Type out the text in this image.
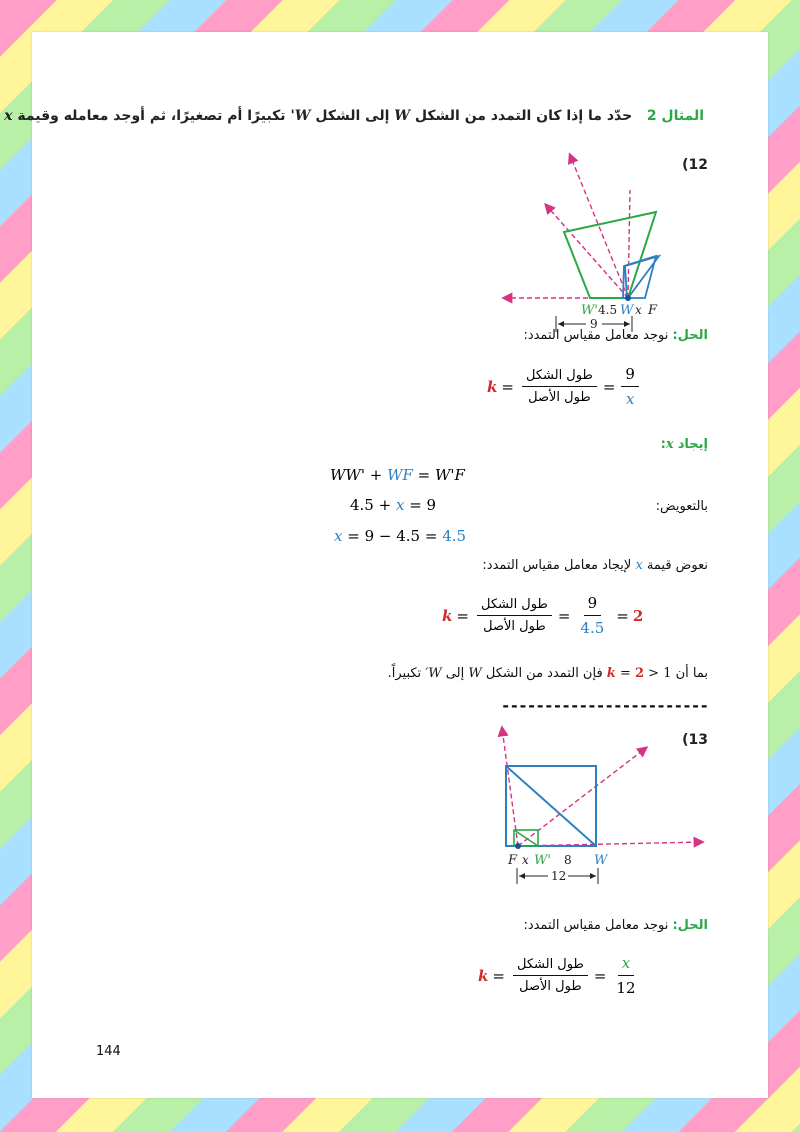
المثال 2   حدّد ما إذا كان التمدد من الشكل W إلى الشكل W' تكبيرًا أم تصغيرًا، ثم أوجد معامله وقيمة x
(12
W' 4.5 W x F
9
الحل: نوجد معامل مقياس التمدد:
$k = \frac{\text{طول الشكل}}{\text{طول الأصل}} = \frac{9}{x}$
إيجاد x:
WW' + WF = W'F
4.5 + x = 9	بالتعويض:
x = 9 − 4.5 = 4.5
نعوض قيمة x لإيجاد معامل مقياس التمدد:
$k = \frac{\text{طول الشكل}}{\text{طول الأصل}} = \frac{9}{4.5} = 2$
بما أن k = 2 > 1 فإن التمدد من الشكل W إلى W′ تكبيراً.
------------------------
(13
F x W' 8 W
12
الحل: نوجد معامل مقياس التمدد:
$k = \frac{\text{طول الشكل}}{\text{طول الأصل}} = \frac{x}{12}$
144
